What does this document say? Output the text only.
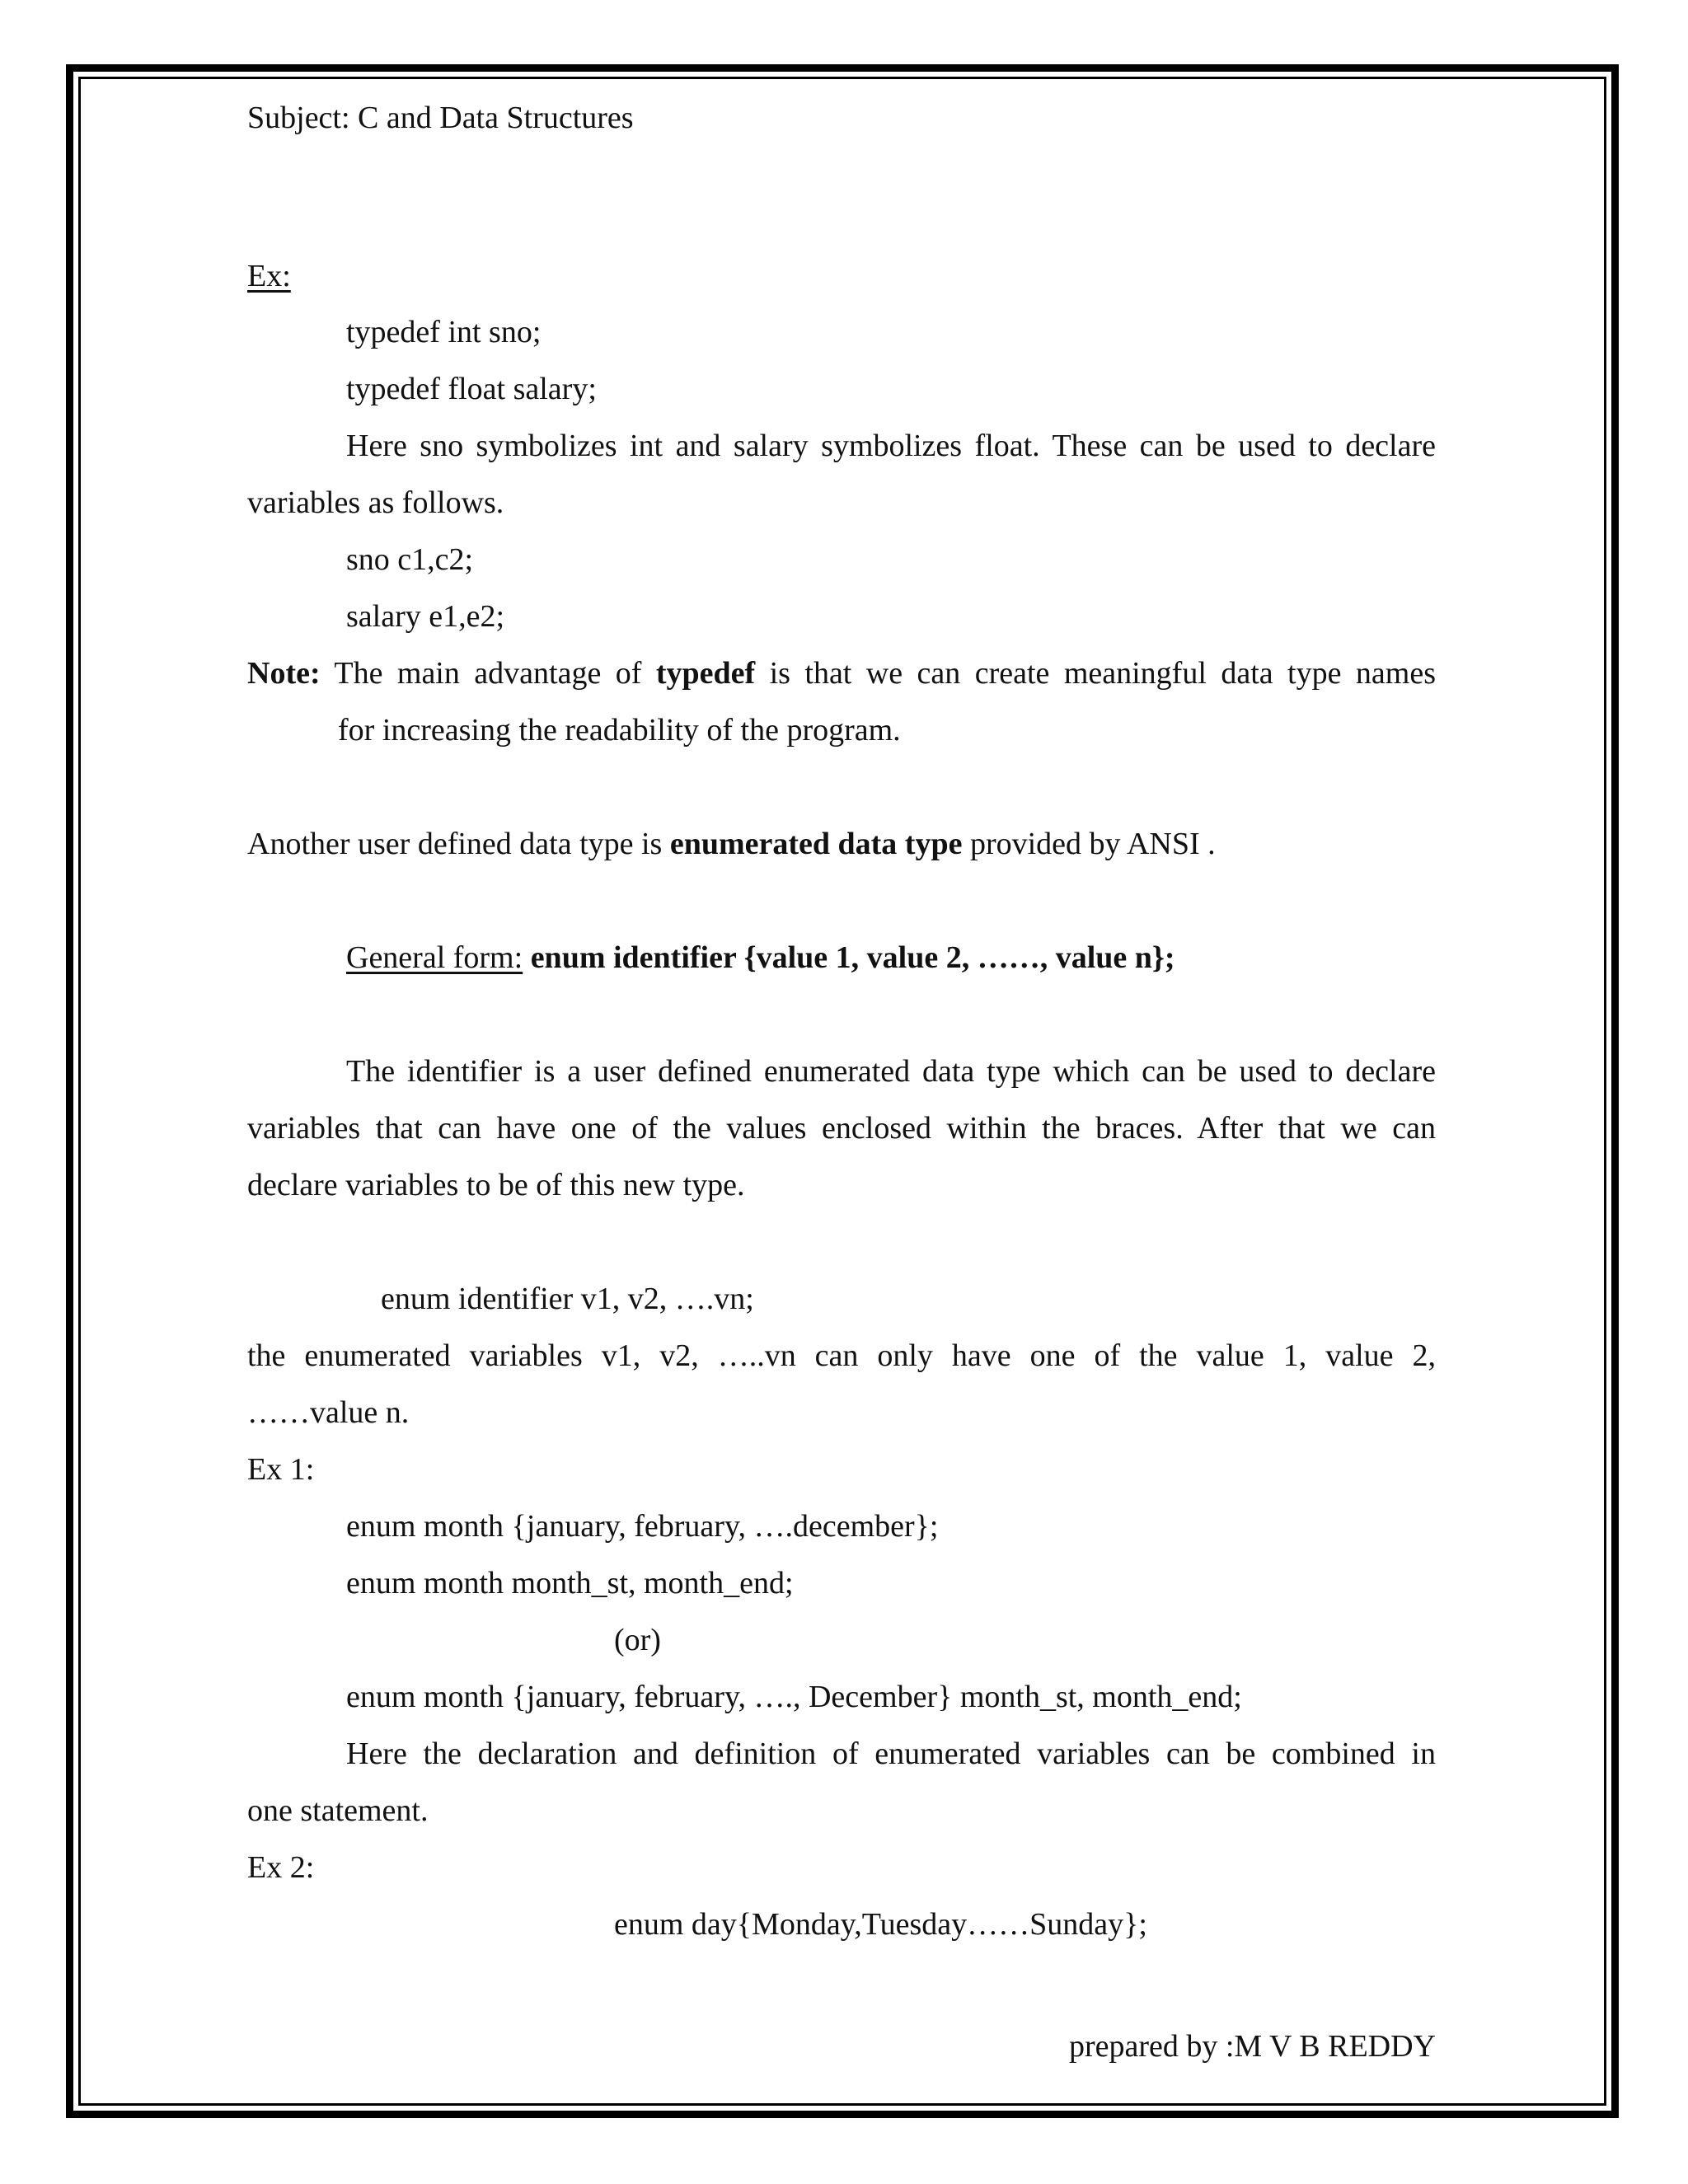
Subject: C and Data Structures
Ex:
typedef int sno;
typedef float salary;
Here sno symbolizes int and salary symbolizes float. These can be used to declare
variables as follows.
sno c1,c2;
salary e1,e2;
Note: The main advantage of typedef is that we can create meaningful data type names
for increasing the readability of the program.
Another user defined data type is enumerated data type provided by ANSI .
General form: enum identifier {value 1, value 2, ……, value n};
The identifier is a user defined enumerated data type which can be used to declare
variables that can have one of the values enclosed within the braces. After that we can
declare variables to be of this new type.
enum identifier v1, v2, ….vn;
the enumerated variables v1, v2, …..vn can only have one of the value 1, value 2,
……value n.
Ex 1:
enum month {january, february, ….december};
enum month month_st, month_end;
(or)
enum month {january, february, …., December} month_st, month_end;
Here the declaration and definition of enumerated variables can be combined in
one statement.
Ex 2:
enum day{Monday,Tuesday……Sunday};
prepared by :M V B REDDY
